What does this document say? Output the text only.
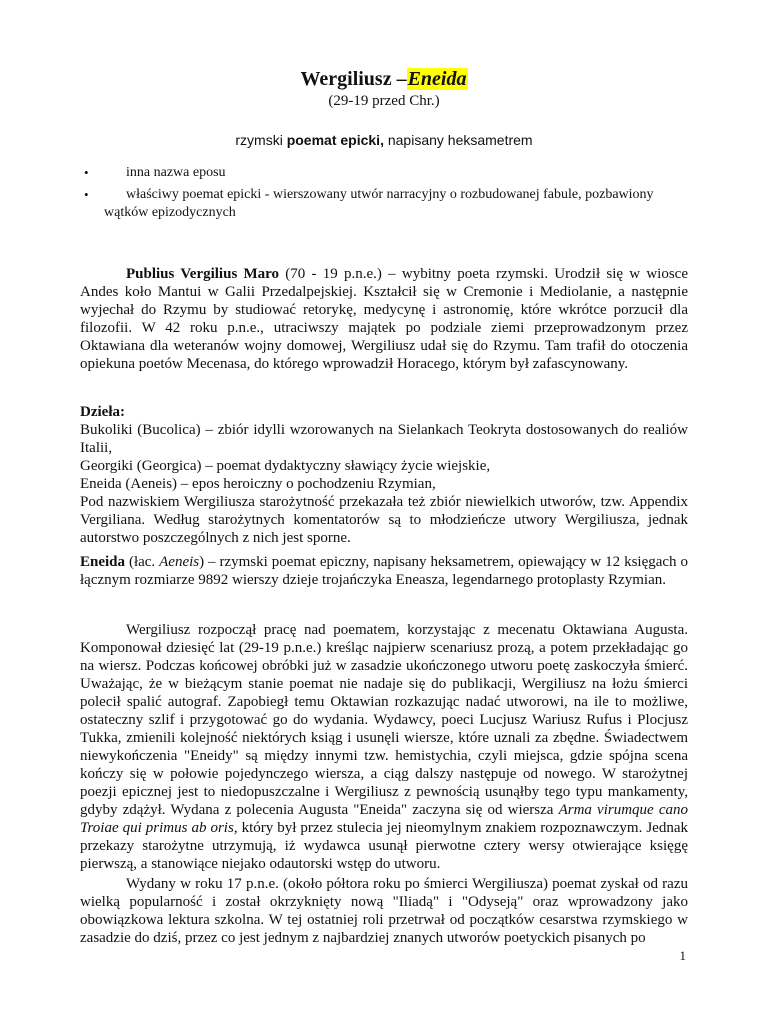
Wergiliusz –Eneida
(29-19 przed Chr.)
rzymski poemat epicki, napisany heksametrem
•	inna nazwa eposu
•	właściwy poemat epicki - wierszowany utwór narracyjny o rozbudowanej fabule, pozbawiony
wątków epizodycznych

Publius Vergilius Maro (70 - 19 p.n.e.) – wybitny poeta rzymski. Urodził się w wiosce Andes koło Mantui w Galii Przedalpejskiej. Kształcił się w Cremonie i Mediolanie, a następnie wyjechał do Rzymu by studiować retorykę, medycynę i astronomię, które wkrótce porzucił dla filozofii. W 42 roku p.n.e., utraciwszy majątek po podziale ziemi przeprowadzonym przez Oktawiana dla weteranów wojny domowej, Wergiliusz udał się do Rzymu. Tam trafił do otoczenia opiekuna poetów Mecenasa, do którego wprowadził Horacego, którym był zafascynowany.

Dzieła:

Bukoliki (Bucolica) – zbiór idylli wzorowanych na Sielankach Teokryta dostosowanych do realiów Italii,

Georgiki (Georgica) – poemat dydaktyczny sławiący życie wiejskie,

Eneida (Aeneis) – epos heroiczny o pochodzeniu Rzymian,

Pod nazwiskiem Wergiliusza starożytność przekazała też zbiór niewielkich utworów, tzw. Appendix Vergiliana. Według starożytnych komentatorów są to młodzieńcze utwory Wergiliusza, jednak autorstwo poszczególnych z nich jest sporne.

Eneida (łac. Aeneis) – rzymski poemat epiczny, napisany heksametrem, opiewający w 12 księgach o łącznym rozmiarze 9892 wierszy dzieje trojańczyka Eneasza, legendarnego protoplasty Rzymian.

Wergiliusz rozpoczął pracę nad poematem, korzystając z mecenatu Oktawiana Augusta. Komponował dziesięć lat (29-19 p.n.e.) kreśląc najpierw scenariusz prozą, a potem przekładając go na wiersz. Podczas końcowej obróbki już w zasadzie ukończonego utworu poetę zaskoczyła śmierć. Uważając, że w bieżącym stanie poemat nie nadaje się do publikacji, Wergiliusz na łożu śmierci polecił spalić autograf. Zapobiegł temu Oktawian rozkazując nadać utworowi, na ile to możliwe, ostateczny szlif i przygotować go do wydania. Wydawcy, poeci Lucjusz Wariusz Rufus i Plocjusz Tukka, zmienili kolejność niektórych ksiąg i usunęli wiersze, które uznali za zbędne. Świadectwem niewykończenia "Eneidy" są między innymi tzw. hemistychia, czyli miejsca, gdzie spójna scena kończy się w połowie pojedynczego wiersza, a ciąg dalszy następuje od nowego. W starożytnej poezji epicznej jest to niedopuszczalne i Wergiliusz z pewnością usunąłby tego typu mankamenty, gdyby zdążył. Wydana z polecenia Augusta "Eneida" zaczyna się od wiersza Arma virumque cano Troiae qui primus ab oris, który był przez stulecia jej nieomylnym znakiem rozpoznawczym. Jednak przekazy starożytne utrzymują, iż wydawca usunął pierwotne cztery wersy otwierające księgę pierwszą, a stanowiące niejako odautorski wstęp do utworu.

Wydany w roku 17 p.n.e. (około półtora roku po śmierci Wergiliusza) poemat zyskał od razu wielką popularność i został okrzyknięty nową "Iliadą" i "Odyseją" oraz wprowadzony jako obowiązkowa lektura szkolna. W tej ostatniej roli przetrwał od początków cesarstwa rzymskiego w zasadzie do dziś, przez co jest jednym z najbardziej znanych utworów poetyckich pisanych po

1
